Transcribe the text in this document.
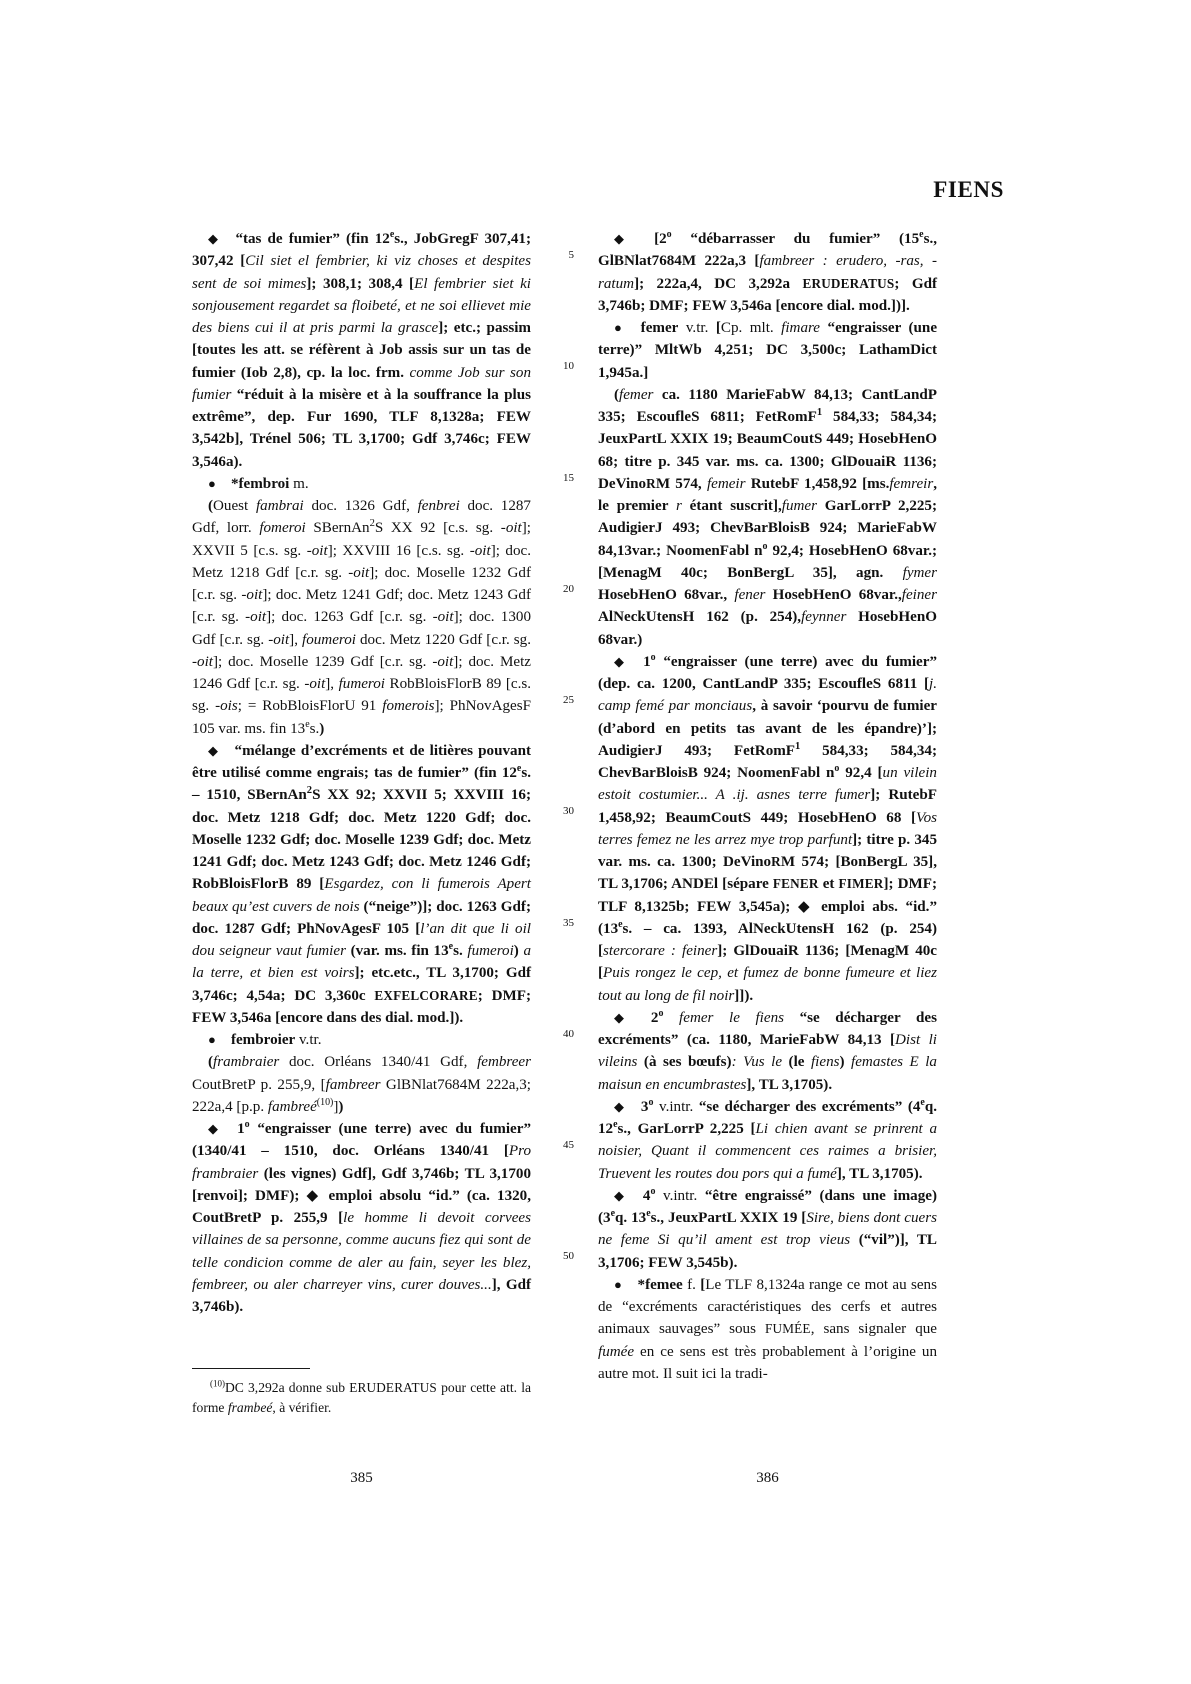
FIENS

◆   “tas de fumier” (fin 12es., JobGregF 307,41; 307,42 [Cil siet el fembrier, ki viz choses et despites sent de soi mimes]; 308,1; 308,4 [El fembrier siet ki sonjousement regardet sa floibeté, et ne soi ellievet mie des biens cui il at pris parmi la grasce]; etc.; passim [toutes les att. se réfèrent à Job assis sur un tas de fumier (Iob 2,8), cp. la loc. frm. comme Job sur son fumier “réduit à la misère et à la souffrance la plus extrême”, dep. Fur 1690, TLF 8,1328a; FEW 3,542b], Trénel 506; TL 3,1700; Gdf 3,746c; FEW 3,546a).

●   *fembroi m.

(Ouest fambrai doc. 1326 Gdf, fenbrei doc. 1287 Gdf, lorr. fomeroi SBernAn$^2$S XX 92 [c.s. sg. -oit]; XXVII 5 [c.s. sg. -oit]; XXVIII 16 [c.s. sg. -oit]; doc. Metz 1218 Gdf [c.r. sg. -oit]; doc. Moselle 1232 Gdf [c.r. sg. -oit]; doc. Metz 1241 Gdf; doc. Metz 1243 Gdf [c.r. sg. -oit]; doc. 1263 Gdf [c.r. sg. -oit]; doc. 1300 Gdf [c.r. sg. -oit], foumeroi doc. Metz 1220 Gdf [c.r. sg. -oit]; doc. Moselle 1239 Gdf [c.r. sg. -oit]; doc. Metz 1246 Gdf [c.r. sg. -oit], fumeroi RobBloisFlorB 89 [c.s. sg. -ois; = RobBloisFlorU 91 fomerois]; PhNovAgesF 105 var. ms. fin 13es.)

◆   “mélange d’excréments et de litières pouvant être utilisé comme engrais; tas de fumier” (fin 12es. – 1510, SBernAn$^2$S XX 92; XXVII 5; XXVIII 16; doc. Metz 1218 Gdf; doc. Metz 1220 Gdf; doc. Moselle 1232 Gdf; doc. Moselle 1239 Gdf; doc. Metz 1241 Gdf; doc. Metz 1243 Gdf; doc. Metz 1246 Gdf; RobBloisFlorB 89 [Esgardez, con li fumerois Apert beaux qu’est cuvers de nois (“neige”)]; doc. 1263 Gdf; doc. 1287 Gdf; PhNovAgesF 105 [l’an dit que li oil dou seigneur vaut fumier (var. ms. fin 13es. fumeroi) a la terre, et bien est voirs]; etc.etc., TL 3,1700; Gdf 3,746c; 4,54a; DC 3,360c EXFELCORARE; DMF; FEW 3,546a [encore dans des dial. mod.]).

●   fembroier v.tr.

(frambraier doc. Orléans 1340/41 Gdf, fembreer CoutBretP p. 255,9, [fambreer GlBNlat7684M 222a,3; 222a,4 [p.p. fambreé$^{(10)}$])

◆   1$^o$ “engraisser (une terre) avec du fumier” (1340/41 – 1510, doc. Orléans 1340/41 [Pro frambraier (les vignes) Gdf], Gdf 3,746b; TL 3,1700 [renvoi]; DMF); ◆ emploi absolu “id.” (ca. 1320, CoutBretP p. 255,9 [le homme li devoit corvees villaines de sa personne, comme aucuns fiez qui sont de telle condicion comme de aler au fain, seyer les blez, fembreer, ou aler charreyer vins, curer douves...], Gdf 3,746b).

5
10
15
20
25
30
35
40
45
50

◆   [2$^o$ “débarrasser du fumier” (15es., GlBNlat7684M 222a,3 [fambreer : erudero, -ras, -ratum]; 222a,4, DC 3,292a ERUDERATUS; Gdf 3,746b; DMF; FEW 3,546a [encore dial. mod.])].

●   femer v.tr. [Cp. mlt. fimare “engraisser (une terre)” MltWb 4,251; DC 3,500c; LathamDict 1,945a.]

(femer ca. 1180 MarieFabW 84,13; CantLandP 335; EscoufleS 6811; FetRomF$^1$ 584,33; 584,34; JeuxPartL XXIX 19; BeaumCoutS 449; HosebHenO 68; titre p. 345 var. ms. ca. 1300; GlDouaiR 1136; DeVinoRM 574, femeir RutebF 1,458,92 [ms.femreir, le premier r étant suscrit],fumer GarLorrP 2,225; AudigierJ 493; ChevBarBloisB 924; MarieFabW 84,13var.; NoomenFabl $n^o$ 92,4; HosebHenO 68var.; [MenagM 40c; BonBergL 35], agn. fymer HosebHenO 68var., fener HosebHenO 68var.,feiner AlNeckUtensH 162 (p. 254),feynner HosebHenO 68var.)

◆   1$^o$ “engraisser (une terre) avec du fumier” (dep. ca. 1200, CantLandP 335; EscoufleS 6811 [j. camp femé par monciaus, à savoir ‘pourvu de fumier (d’abord en petits tas avant de les épandre)’]; AudigierJ 493; FetRomF$^1$ 584,33; 584,34; ChevBarBloisB 924; NoomenFabl $n^o$ 92,4 [un vilein estoit costumier... A .ij. asnes terre fumer]; RutebF 1,458,92; BeaumCoutS 449; HosebHenO 68 [Vos terres femez ne les arrez mye trop parfunt]; titre p. 345 var. ms. ca. 1300; DeVinoRM 574; [BonBergL 35], TL 3,1706; ANDEl [sépare FENER et FIMER]; DMF; TLF 8,1325b; FEW 3,545a); ◆ emploi abs. “id.” (13es. – ca. 1393, AlNeckUtensH 162 (p. 254) [stercorare : feiner]; GlDouaiR 1136; [MenagM 40c [Puis rongez le cep, et fumez de bonne fumeure et liez tout au long de fil noir]]).

◆   2$^o$ femer le fiens “se décharger des excréments” (ca. 1180, MarieFabW 84,13 [Dist li vileins (à ses bœufs): Vus le (le fiens) femastes E la maisun en encumbrastes], TL 3,1705).

◆   3$^o$ v.intr. “se décharger des excréments” (4eq. 12es., GarLorrP 2,225 [Li chien avant se prinrent a noisier, Quant il commencent ces raimes a brisier, Truevent les routes dou pors qui a fumé], TL 3,1705).

◆   4$^o$ v.intr. “être engraissé” (dans une image) (3eq. 13es., JeuxPartL XXIX 19 [Sire, biens dont cuers ne feme Si qu’il ament est trop vieus (“vil”)], TL 3,1706; FEW 3,545b).

●   *femee f. [Le TLF 8,1324a range ce mot au sens de “excréments caractéristiques des cerfs et autres animaux sauvages” sous FUMÉE, sans signaler que fumée en ce sens est très probablement à l’origine un autre mot. Il suit ici la tradi-

$^{(10)}$DC 3,292a donne sub ERUDERATUS pour cette att. la forme frambeé, à vérifier.

385	386
